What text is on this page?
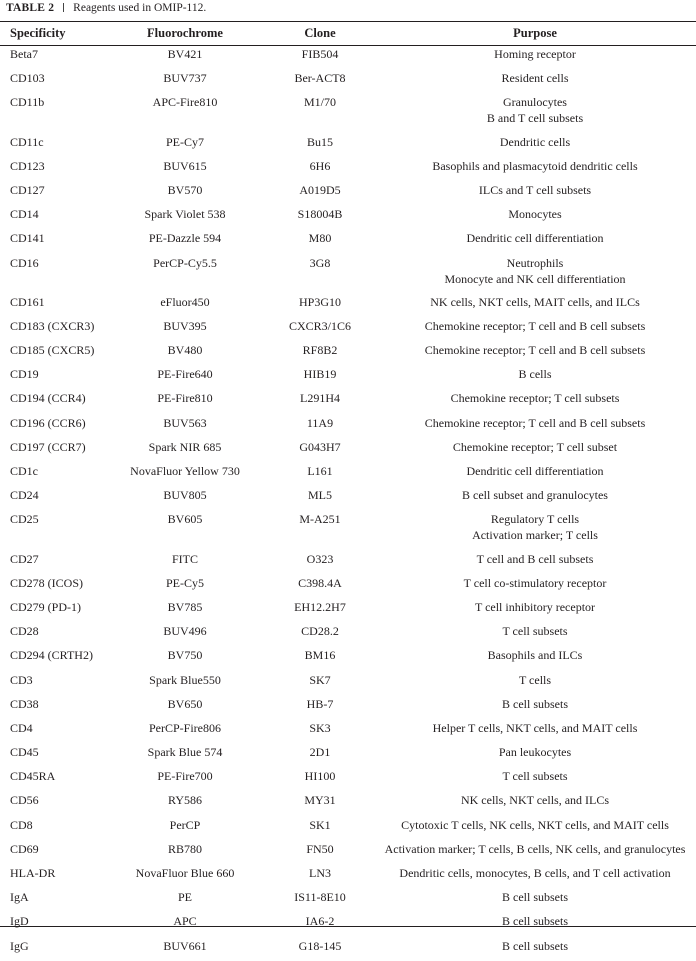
TABLE 2 Reagents used in OMIP-112.
Specificity	Fluorochrome	Clone	Purpose
Beta7	BV421	FIB504	Homing receptor

CD103	BUV737	Ber-ACT8	Resident cells

CD11b	APC-Fire810	M1/70	Granulocytes
B and T cell subsets

CD11c	PE-Cy7	Bu15	Dendritic cells

CD123	BUV615	6H6	Basophils and plasmacytoid dendritic cells

CD127	BV570	A019D5	ILCs and T cell subsets

CD14	Spark Violet 538	S18004B	Monocytes

CD141	PE-Dazzle 594	M80	Dendritic cell differentiation

CD16	PerCP-Cy5.5	3G8	Neutrophils
Monocyte and NK cell differentiation

CD161	eFluor450	HP3G10	NK cells, NKT cells, MAIT cells, and ILCs

CD183 (CXCR3)	BUV395	CXCR3/1C6	Chemokine receptor; T cell and B cell subsets

CD185 (CXCR5)	BV480	RF8B2	Chemokine receptor; T cell and B cell subsets

CD19	PE-Fire640	HIB19	B cells

CD194 (CCR4)	PE-Fire810	L291H4	Chemokine receptor; T cell subsets

CD196 (CCR6)	BUV563	11A9	Chemokine receptor; T cell and B cell subsets

CD197 (CCR7)	Spark NIR 685	G043H7	Chemokine receptor; T cell subset

CD1c	NovaFluor Yellow 730	L161	Dendritic cell differentiation

CD24	BUV805	ML5	B cell subset and granulocytes

CD25	BV605	M-A251	Regulatory T cells
Activation marker; T cells

CD27	FITC	O323	T cell and B cell subsets

CD278 (ICOS)	PE-Cy5	C398.4A	T cell co-stimulatory receptor

CD279 (PD-1)	BV785	EH12.2H7	T cell inhibitory receptor

CD28	BUV496	CD28.2	T cell subsets

CD294 (CRTH2)	BV750	BM16	Basophils and ILCs

CD3	Spark Blue550	SK7	T cells

CD38	BV650	HB-7	B cell subsets

CD4	PerCP-Fire806	SK3	Helper T cells, NKT cells, and MAIT cells

CD45	Spark Blue 574	2D1	Pan leukocytes

CD45RA	PE-Fire700	HI100	T cell subsets

CD56	RY586	MY31	NK cells, NKT cells, and ILCs

CD8	PerCP	SK1	Cytotoxic T cells, NK cells, NKT cells, and MAIT cells

CD69	RB780	FN50	Activation marker; T cells, B cells, NK cells, and granulocytes

HLA-DR	NovaFluor Blue 660	LN3	Dendritic cells, monocytes, B cells, and T cell activation

IgA	PE	IS11-8E10	B cell subsets

IgD	APC	IA6-2	B cell subsets

IgG	BUV661	G18-145	B cell subsets
